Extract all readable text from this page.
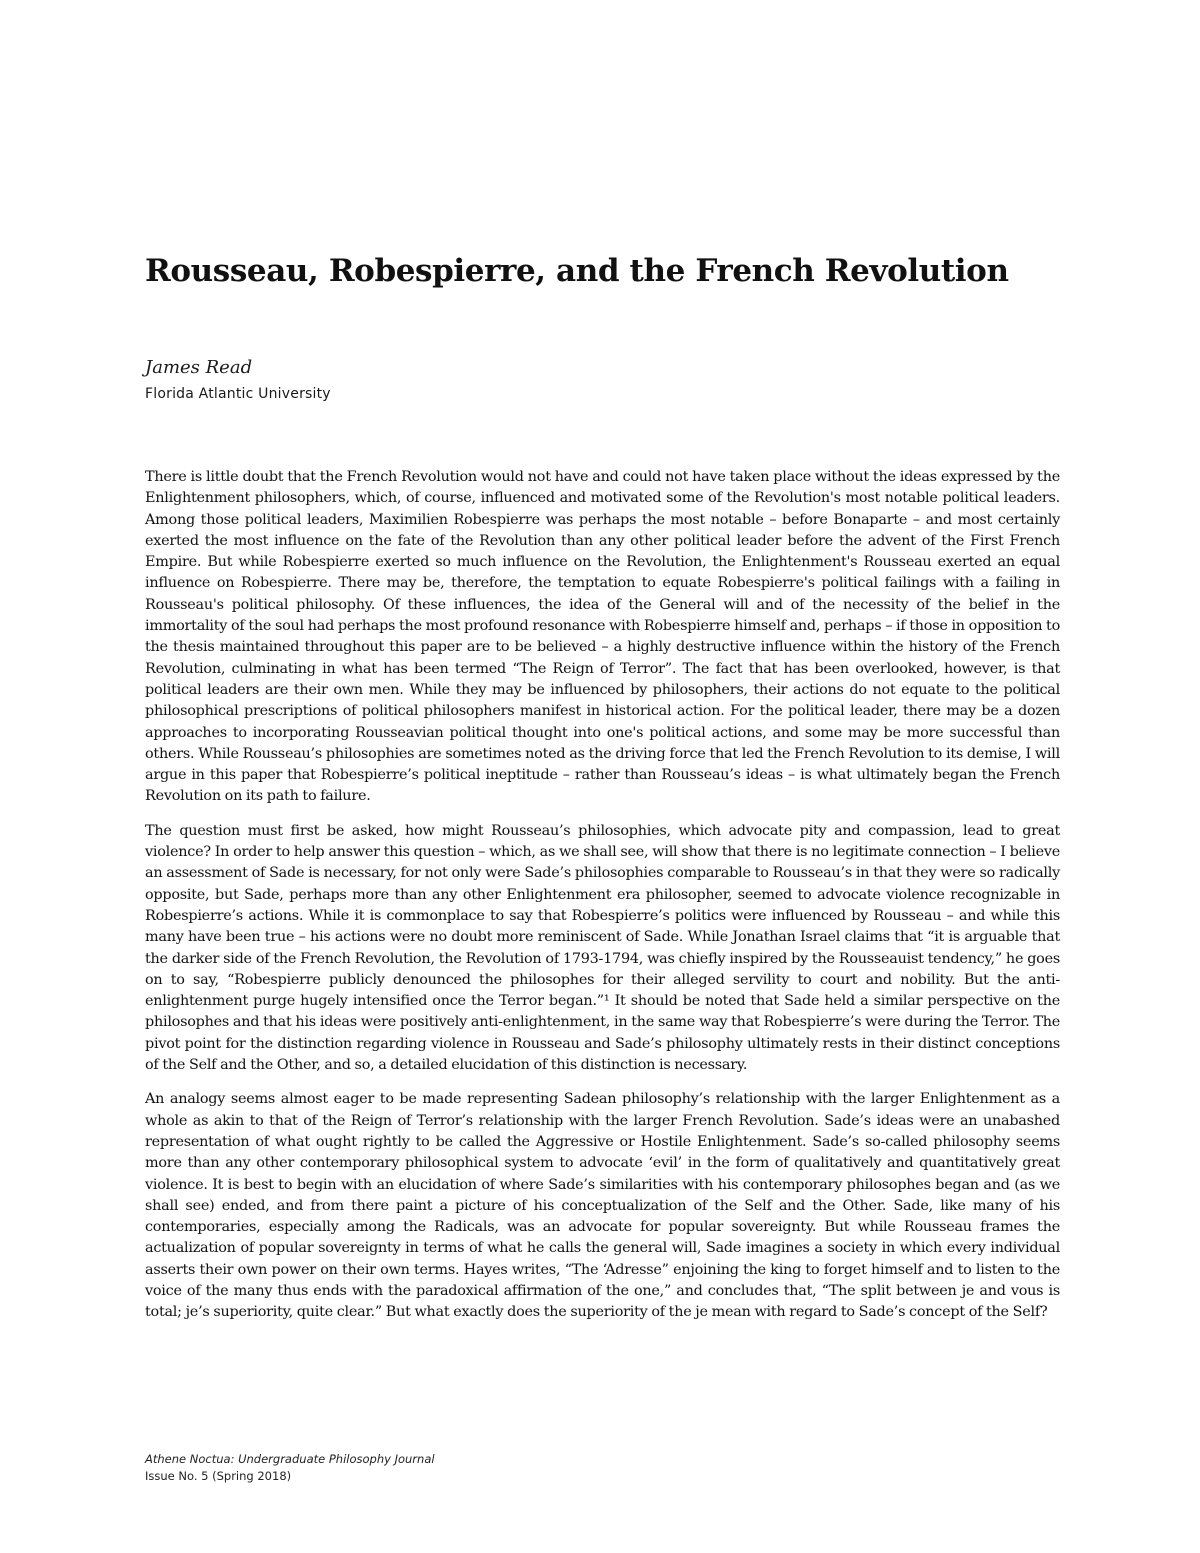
Rousseau, Robespierre, and the French Revolution
James Read
Florida Atlantic University

There is little doubt that the French Revolution would not have and could not have taken place without the ideas expressed by the Enlightenment philosophers, which, of course, influenced and motivated some of the Revolution's most notable political leaders. Among those political leaders, Maximilien Robespierre was perhaps the most notable – before Bonaparte – and most certainly exerted the most influence on the fate of the Revolution than any other political leader before the advent of the First French Empire. But while Robespierre exerted so much influence on the Revolution, the Enlightenment's Rousseau exerted an equal influence on Robespierre. There may be, therefore, the temptation to equate Robespierre's political failings with a failing in Rousseau's political philosophy. Of these influences, the idea of the General will and of the necessity of the belief in the immortality of the soul had perhaps the most profound resonance with Robespierre himself and, perhaps – if those in opposition to the thesis maintained throughout this paper are to be believed – a highly destructive influence within the history of the French Revolution, culminating in what has been termed “The Reign of Terror”. The fact that has been overlooked, however, is that political leaders are their own men. While they may be influenced by philosophers, their actions do not equate to the political philosophical prescriptions of political philosophers manifest in historical action. For the political leader, there may be a dozen approaches to incorporating Rousseavian political thought into one's political actions, and some may be more successful than others. While Rousseau’s philosophies are sometimes noted as the driving force that led the French Revolution to its demise, I will argue in this paper that Robespierre’s political ineptitude – rather than Rousseau’s ideas – is what ultimately began the French Revolution on its path to failure.

The question must first be asked, how might Rousseau’s philosophies, which advocate pity and compassion, lead to great violence? In order to help answer this question – which, as we shall see, will show that there is no legitimate connection – I believe an assessment of Sade is necessary, for not only were Sade’s philosophies comparable to Rousseau’s in that they were so radically opposite, but Sade, perhaps more than any other Enlightenment era philosopher, seemed to advocate violence recognizable in Robespierre’s actions. While it is commonplace to say that Robespierre’s politics were influenced by Rousseau – and while this many have been true – his actions were no doubt more reminiscent of Sade. While Jonathan Israel claims that “it is arguable that the darker side of the French Revolution, the Revolution of 1793-1794, was chiefly inspired by the Rousseauist tendency,” he goes on to say, “Robespierre publicly denounced the philosophes for their alleged servility to court and nobility. But the anti-enlightenment purge hugely intensified once the Terror began.”¹ It should be noted that Sade held a similar perspective on the philosophes and that his ideas were positively anti-enlightenment, in the same way that Robespierre’s were during the Terror. The pivot point for the distinction regarding violence in Rousseau and Sade’s philosophy ultimately rests in their distinct conceptions of the Self and the Other, and so, a detailed elucidation of this distinction is necessary.

An analogy seems almost eager to be made representing Sadean philosophy’s relationship with the larger Enlightenment as a whole as akin to that of the Reign of Terror’s relationship with the larger French Revolution. Sade’s ideas were an unabashed representation of what ought rightly to be called the Aggressive or Hostile Enlightenment. Sade’s so-called philosophy seems more than any other contemporary philosophical system to advocate ‘evil’ in the form of qualitatively and quantitatively great violence. It is best to begin with an elucidation of where Sade’s similarities with his contemporary philosophes began and (as we shall see) ended, and from there paint a picture of his conceptualization of the Self and the Other. Sade, like many of his contemporaries, especially among the Radicals, was an advocate for popular sovereignty. But while Rousseau frames the actualization of popular sovereignty in terms of what he calls the general will, Sade imagines a society in which every individual asserts their own power on their own terms. Hayes writes, “The ‘Adresse” enjoining the king to forget himself and to listen to the voice of the many thus ends with the paradoxical affirmation of the one,” and concludes that, “The split between je and vous is total; je’s superiority, quite clear.” But what exactly does the superiority of the je mean with regard to Sade’s concept of the Self?

Athene Noctua: Undergraduate Philosophy Journal
Issue No. 5 (Spring 2018)
